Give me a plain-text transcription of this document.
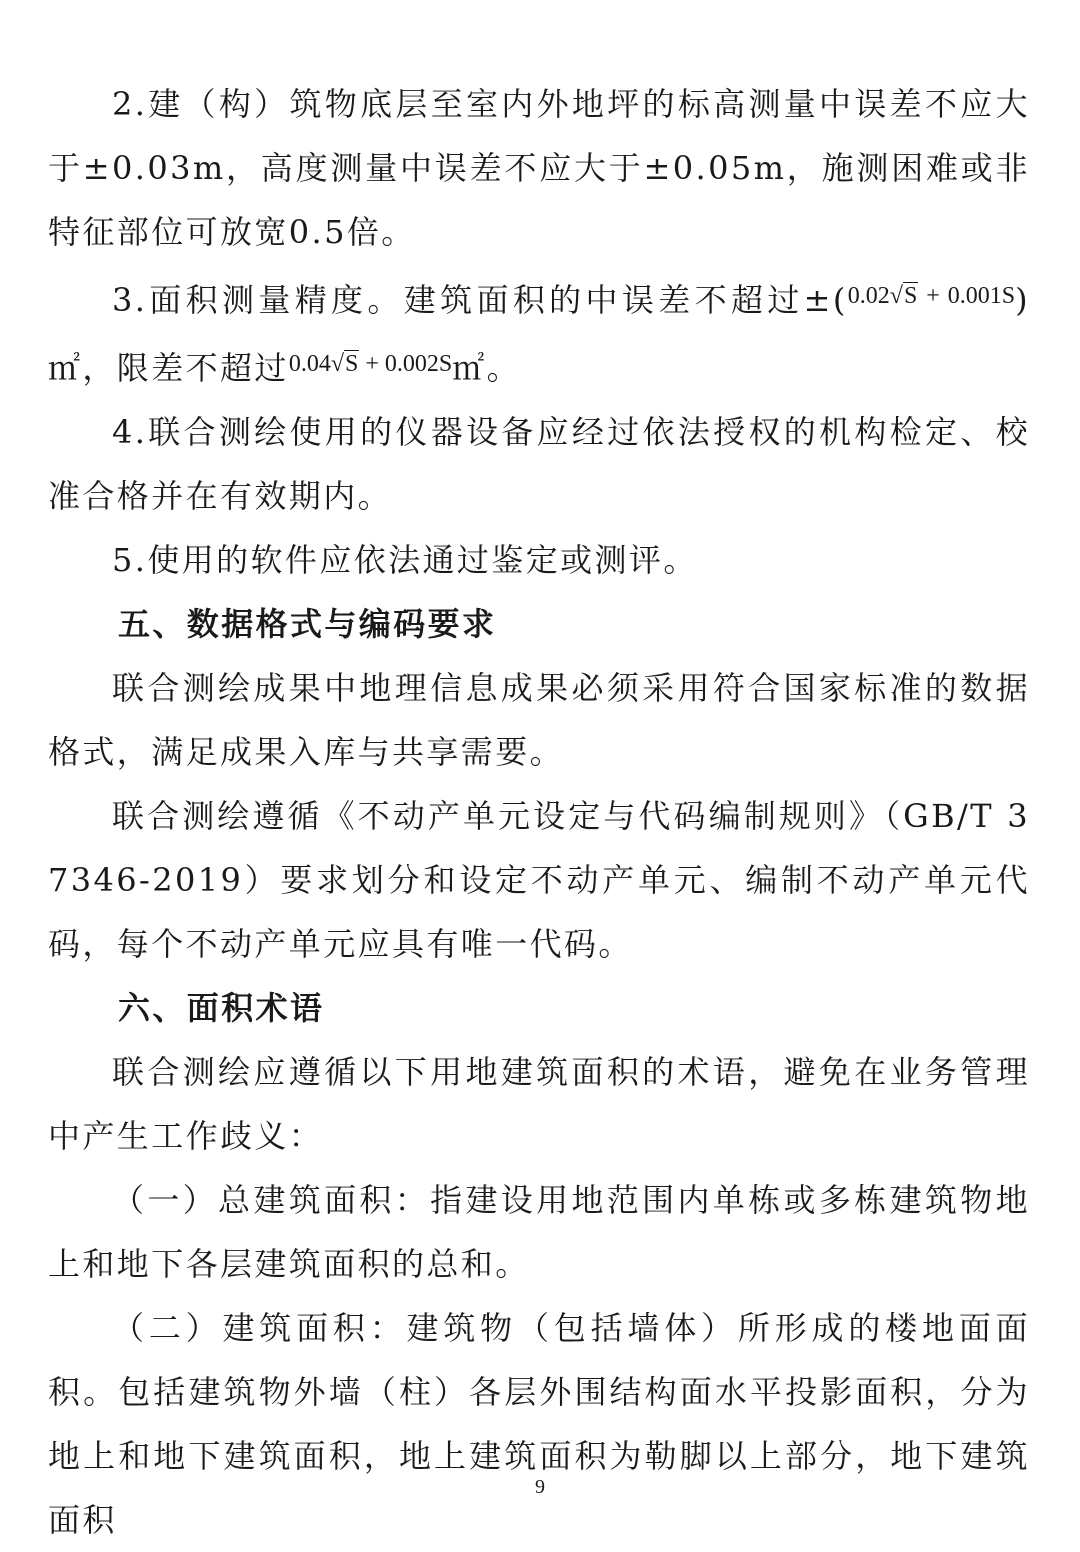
2.建（构）筑物底层至室内外地坪的标高测量中误差不应大于±0.03m，高度测量中误差不应大于±0.05m，施测困难或非特征部位可放宽0.5倍。

3.面积测量精度。建筑面积的中误差不超过±($^{0.02√S + 0.001S}$)㎡，限差不超过$^{0.04√S + 0.002S}$㎡。

4.联合测绘使用的仪器设备应经过依法授权的机构检定、校准合格并在有效期内。

5.使用的软件应依法通过鉴定或测评。

五、数据格式与编码要求

联合测绘成果中地理信息成果必须采用符合国家标准的数据格式，满足成果入库与共享需要。

联合测绘遵循《不动产单元设定与代码编制规则》（GB/T 37346-2019）要求划分和设定不动产单元、编制不动产单元代码，每个不动产单元应具有唯一代码。

六、面积术语

联合测绘应遵循以下用地建筑面积的术语，避免在业务管理中产生工作歧义：

（一）总建筑面积：指建设用地范围内单栋或多栋建筑物地上和地下各层建筑面积的总和。

（二）建筑面积：建筑物（包括墙体）所形成的楼地面面积。包括建筑物外墙（柱）各层外围结构面水平投影面积，分为地上和地下建筑面积，地上建筑面积为勒脚以上部分，地下建筑面积

9
